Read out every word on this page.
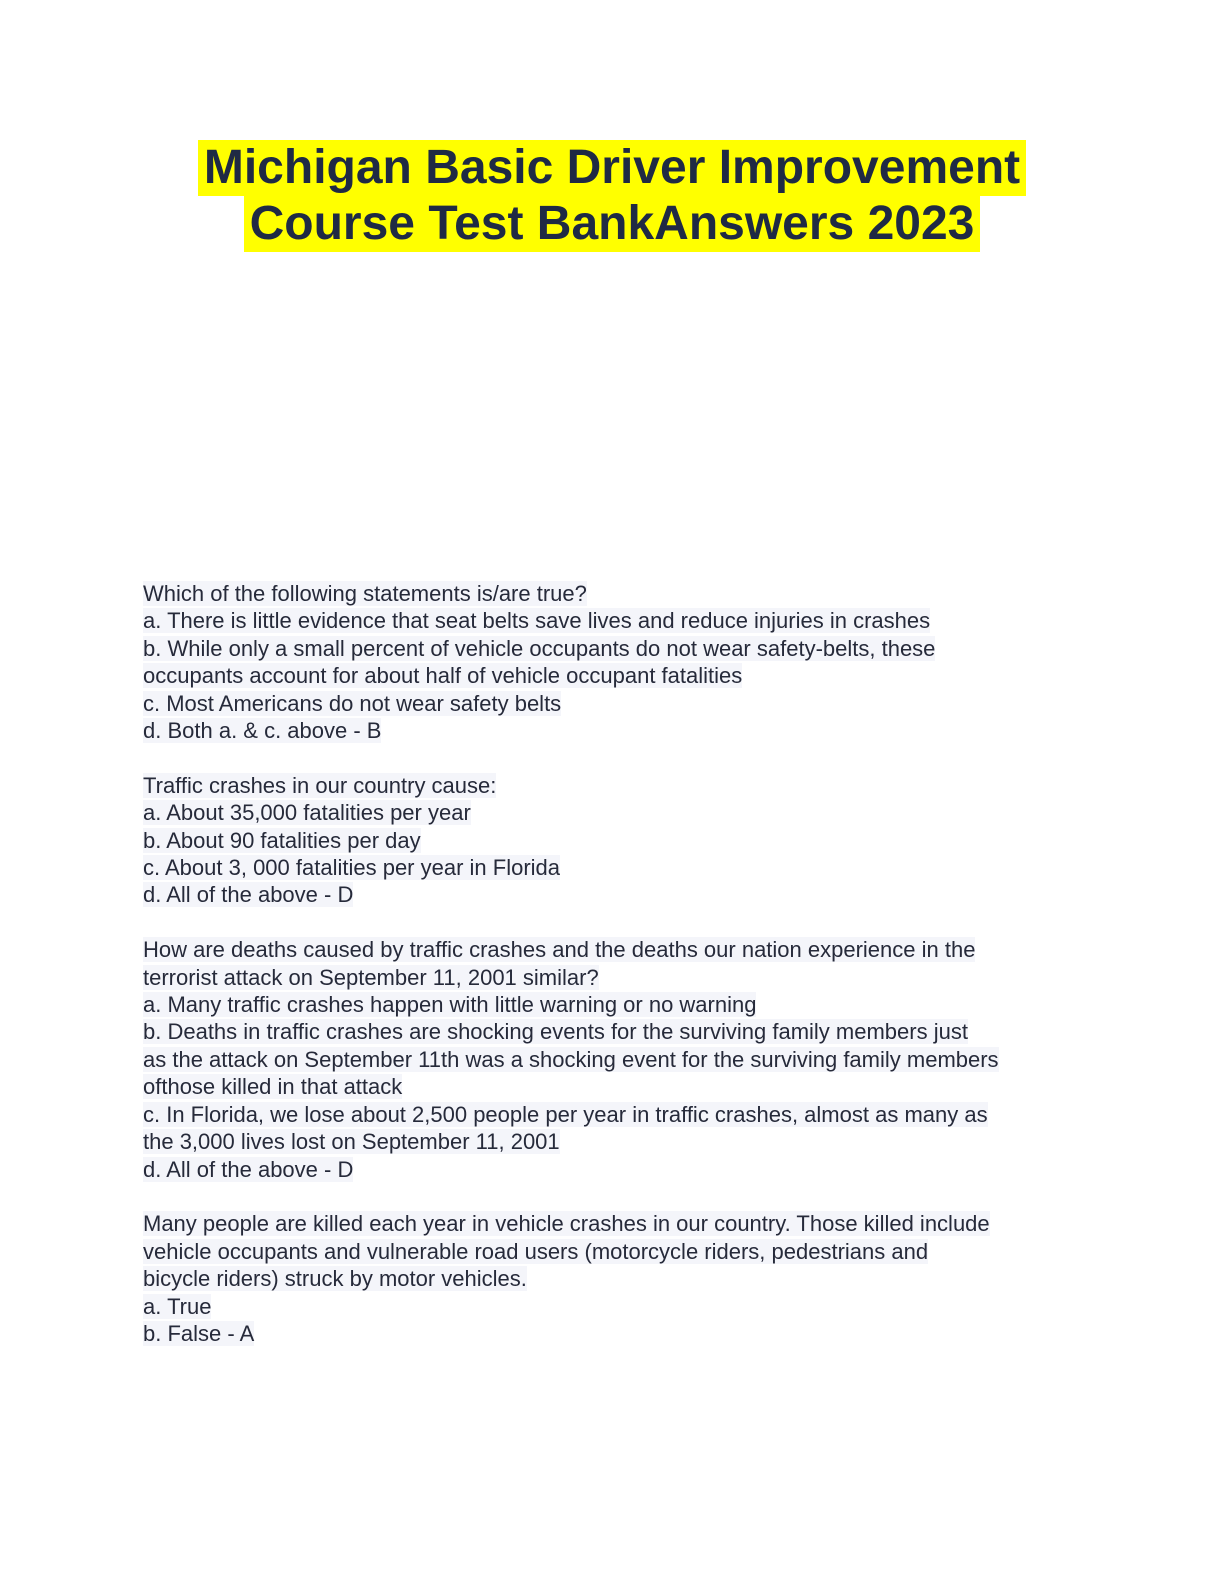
Michigan Basic Driver Improvement
Course Test BankAnswers 2023
Which of the following statements is/are true?
a. There is little evidence that seat belts save lives and reduce injuries in crashes
b. While only a small percent of vehicle occupants do not wear safety-belts, these
occupants account for about half of vehicle occupant fatalities
c. Most Americans do not wear safety belts
d. Both a. & c. above - B
Traffic crashes in our country cause:
a. About 35,000 fatalities per year
b. About 90 fatalities per day
c. About 3, 000 fatalities per year in Florida
d. All of the above - D
How are deaths caused by traffic crashes and the deaths our nation experience in the
terrorist attack on September 11, 2001 similar?
a. Many traffic crashes happen with little warning or no warning
b. Deaths in traffic crashes are shocking events for the surviving family members just
as the attack on September 11th was a shocking event for the surviving family members
ofthose killed in that attack
c. In Florida, we lose about 2,500 people per year in traffic crashes, almost as many as
the 3,000 lives lost on September 11, 2001
d. All of the above - D
Many people are killed each year in vehicle crashes in our country. Those killed include
vehicle occupants and vulnerable road users (motorcycle riders, pedestrians and
bicycle riders) struck by motor vehicles.
a. True
b. False - A
